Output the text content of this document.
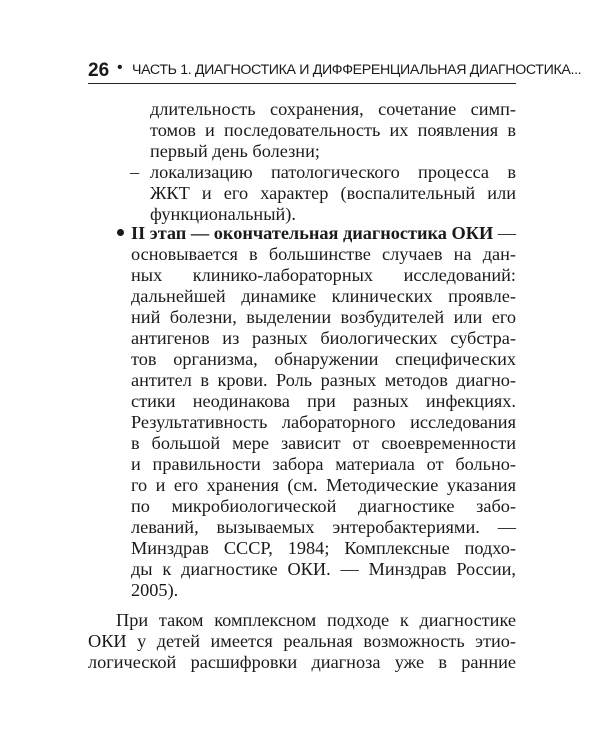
26 • ЧАСТЬ 1. ДИАГНОСТИКА И ДИФФЕРЕНЦИАЛЬНАЯ ДИАГНОСТИКА...
длительность сохранения, сочетание симп-
томов и последовательность их появления в
первый день болезни;
– локализацию патологического процесса в
ЖКТ и его характер (воспалительный или
функциональный).
II этап — окончательная диагностика ОКИ —
основывается в большинстве случаев на дан-
ных клинико-лабораторных исследований:
дальнейшей динамике клинических проявле-
ний болезни, выделении возбудителей или его
антигенов из разных биологических субстра-
тов организма, обнаружении специфических
антител в крови. Роль разных методов диагно-
стики неодинакова при разных инфекциях.
Результативность лабораторного исследования
в большой мере зависит от своевременности
и правильности забора материала от больно-
го и его хранения (см. Методические указания
по микробиологической диагностике забо-
леваний, вызываемых энтеробактериями. —
Минздрав СССР, 1984; Комплексные подхо-
ды к диагностике ОКИ. — Минздрав России,
2005).
При таком комплексном подходе к диагностике
ОКИ у детей имеется реальная возможность этио-
логической расшифровки диагноза уже в ранние
